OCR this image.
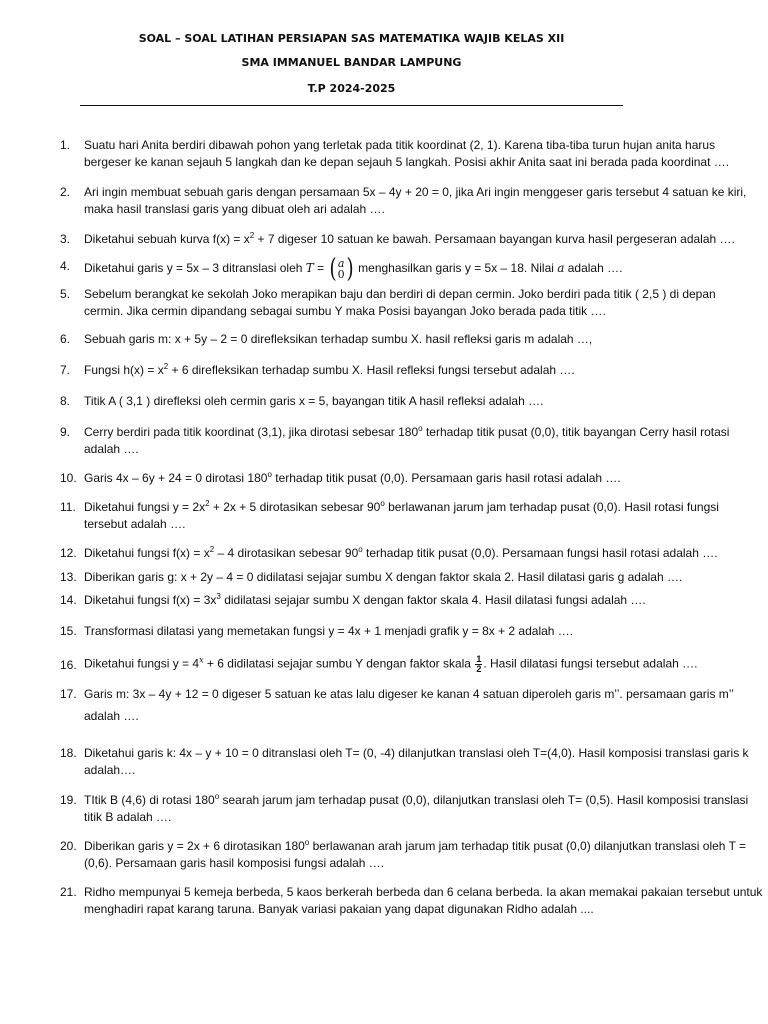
SOAL – SOAL LATIHAN PERSIAPAN SAS MATEMATIKA WAJIB KELAS XII
SMA IMMANUEL BANDAR LAMPUNG
T.P 2024-2025
1. Suatu hari Anita berdiri dibawah pohon yang terletak pada titik koordinat (2, 1). Karena tiba-tiba turun hujan anita harus

bergeser ke kanan sejauh 5 langkah dan ke depan sejauh 5 langkah. Posisi akhir Anita saat ini berada pada koordinat ….

2. Ari ingin membuat sebuah garis dengan persamaan 5x – 4y + 20 = 0, jika Ari ingin menggeser garis tersebut 4 satuan ke kiri,

maka hasil translasi garis yang dibuat oleh ari adalah ….

3. Diketahui sebuah kurva $f(x) = x^2 + 7$ digeser 10 satuan ke bawah. Persamaan bayangan kurva hasil pergeseran adalah ….

4. Diketahui garis y = 5x – 3 ditranslasi oleh T = ( a
0 ) menghasilkan garis y = 5x – 18. Nilai a adalah ….

5. Sebelum berangkat ke sekolah Joko merapikan baju dan berdiri di depan cermin. Joko berdiri pada titik ( 2,5 ) di depan

cermin. Jika cermin dipandang sebagai sumbu Y maka Posisi bayangan Joko berada pada titik ….

6. Sebuah garis m: x + 5y – 2 = 0 direfleksikan terhadap sumbu X. hasil refleksi garis m adalah …,

7. Fungsi $h(x) = x^2 + 6$ direfleksikan terhadap sumbu X. Hasil refleksi fungsi tersebut adalah ….

8. Titik A ( 3,1 ) direfleksi oleh cermin garis x = 5, bayangan titik A hasil refleksi adalah ….

9. Cerry berdiri pada titik koordinat (3,1), jika dirotasi sebesar 180$^o$ terhadap titik pusat (0,0), titik bayangan Cerry hasil rotasi

adalah ….

10. Garis 4x – 6y + 24 = 0 dirotasi 180$^o$ terhadap titik pusat (0,0). Persamaan garis hasil rotasi adalah ….

11. Diketahui fungsi $y = 2x^2 + 2x + 5$ dirotasikan sebesar 90$^o$ berlawanan jarum jam terhadap pusat (0,0). Hasil rotasi fungsi

tersebut adalah ….

12. Diketahui fungsi $f(x) = x^2 - 4$ dirotasikan sebesar 90$^o$ terhadap titik pusat (0,0). Persamaan fungsi hasil rotasi adalah ….

13. Diberikan garis g: x + 2y – 4 = 0 didilatasi sejajar sumbu X dengan faktor skala 2. Hasil dilatasi garis g adalah ….

14. Diketahui fungsi $f(x) = 3x^3$ didilatasi sejajar sumbu X dengan faktor skala 4. Hasil dilatasi fungsi adalah ….

15. Transformasi dilatasi yang memetakan fungsi y = 4x + 1 menjadi grafik y = 8x + 2 adalah ….

16. Diketahui fungsi $y = 4^x + 6$ didilatasi sejajar sumbu Y dengan faktor skala $\frac{1}{2}$ . Hasil dilatasi fungsi tersebut adalah ….

17. Garis m: 3x – 4y + 12 = 0 digeser 5 satuan ke atas lalu digeser ke kanan 4 satuan diperoleh garis m’’. persamaan garis m’’

adalah ….

18. Diketahui garis k: 4x – y + 10 = 0 ditranslasi oleh T= (0, -4) dilanjutkan translasi oleh T=(4,0). Hasil komposisi translasi garis k

adalah….

19. TItik B (4,6) di rotasi 180$^o$ searah jarum jam terhadap pusat (0,0), dilanjutkan translasi oleh T= (0,5). Hasil komposisi translasi

titik B adalah ….

20. Diberikan garis y = 2x + 6 dirotasikan 180$^o$ berlawanan arah jarum jam terhadap titik pusat (0,0) dilanjutkan translasi oleh T =

(0,6). Persamaan garis hasil komposisi fungsi adalah ….

21. Ridho mempunyai 5 kemeja berbeda, 5 kaos berkerah berbeda dan 6 celana berbeda. Ia akan memakai pakaian tersebut untuk

menghadiri rapat karang taruna. Banyak variasi pakaian yang dapat digunakan Ridho adalah ....
